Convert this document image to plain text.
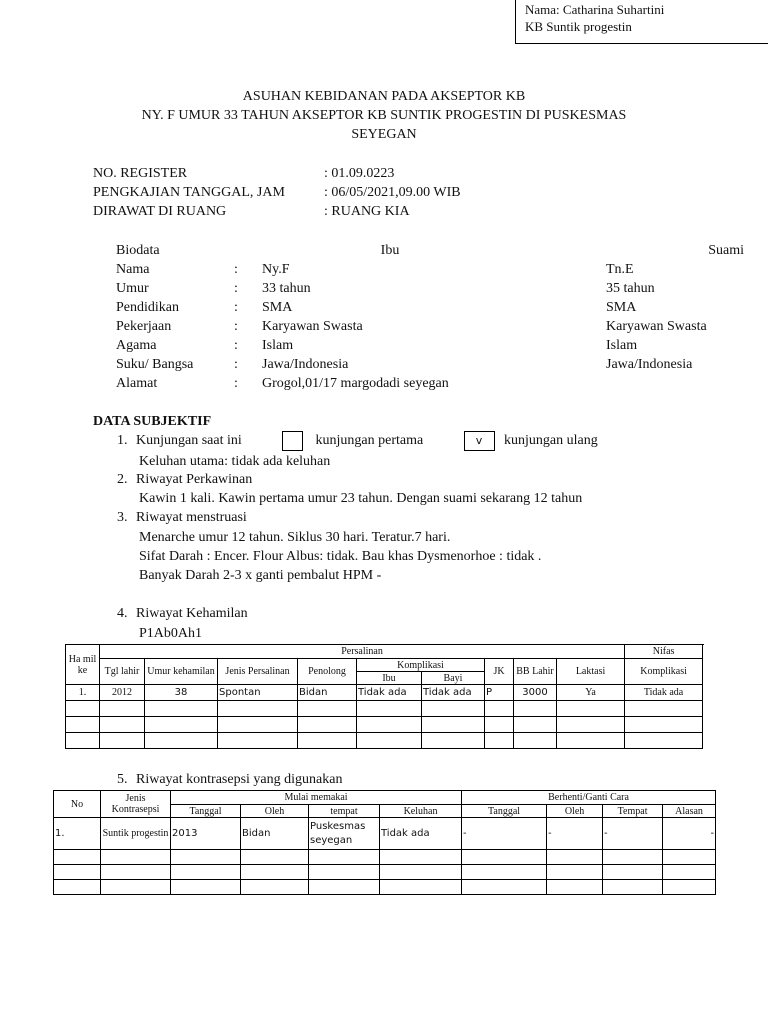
Nama: Catharina Suhartini
KB Suntik progestin
ASUHAN KEBIDANAN PADA AKSEPTOR KB
NY. F UMUR 33 TAHUN AKSEPTOR KB SUNTIK PROGESTIN DI PUSKESMAS
SEYEGAN
NO. REGISTER	: 01.09.0223
PENGKAJIAN TANGGAL, JAM	: 06/05/2021,09.00 WIB
DIRAWAT DI RUANG	: RUANG KIA
Biodata		Ibu	Suami
Nama	:	Ny.F	Tn.E
Umur	:	33 tahun	35 tahun
Pendidikan	:	SMA	SMA
Pekerjaan	:	Karyawan Swasta	Karyawan Swasta
Agama	:	Islam	Islam
Suku/ Bangsa	:	Jawa/Indonesia	Jawa/Indonesia
Alamat	:	Grogol,01/17 margodadi seyegan	
DATA SUBJEKTIF
1. Kunjungan saat ini	kunjungan pertama	v kunjungan ulang
Keluhan utama: tidak ada keluhan
2. Riwayat Perkawinan
Kawin 1 kali. Kawin pertama umur 23 tahun. Dengan suami sekarang 12 tahun
3. Riwayat menstruasi
Menarche umur 12 tahun. Siklus 30 hari. Teratur.7 hari.
Sifat Darah : Encer. Flour Albus: tidak. Bau khas Dysmenorhoe : tidak .
Banyak Darah 2-3 x ganti pembalut HPM -
4. Riwayat Kehamilan
P1Ab0Ah1
Ha mil ke	Persalinan									Nifas
	Tgl lahir	Umur kehamilan	Jenis Persalinan	Penolong	Komplikasi		JK	BB Lahir	Laktasi	Komplikasi
					Ibu	Bayi				
1.	2012	38	Spontan	Bidan	Tidak ada	Tidak ada	P	3000	Ya	Tidak ada

5. Riwayat kontrasepsi yang digunakan
No	Jenis Kontrasepsi	Mulai memakai				Berhenti/Ganti Cara			
		Tanggal	Oleh	tempat	Keluhan	Tanggal	Oleh	Tempat	Alasan
1.	Suntik progestin	2013	Bidan	Puskesmas seyegan	Tidak ada	-	-	-	-
